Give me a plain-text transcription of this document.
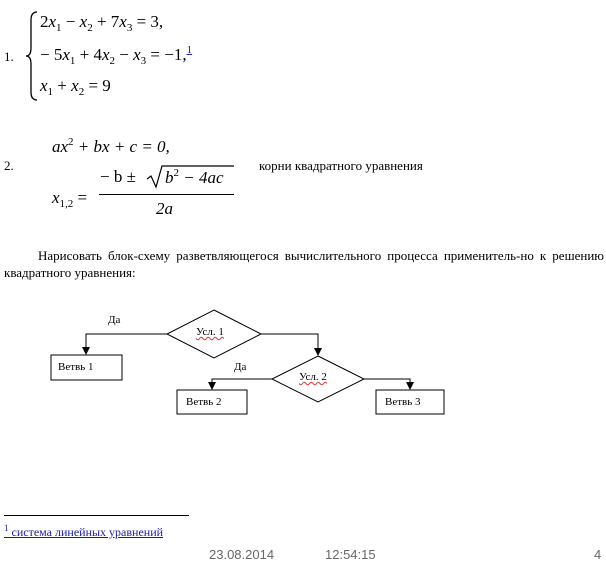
1.
$2x_1 - x_2 + 7x_3 = 3$,
− $5x_1 + 4x_2 - x_3 = -1,^1$
$x_1 + x_2 = 9$
2.
$ax^2$ + bx + c = 0,
$x_{1,2}$ =
− $b \pm b^2 - 4ac$
2a
корни квадратного уравнения
Нарисовать блок-схему разветвляющегося вычислительного процесса применитель-но к решению квадратного уравнения:
Да
Усл. 1
Ветвь 1	Да
Усл. 2
Ветвь 2	Ветвь 3
$^1$ система линейных уравнений
23.08.2014	12:54:15	4
